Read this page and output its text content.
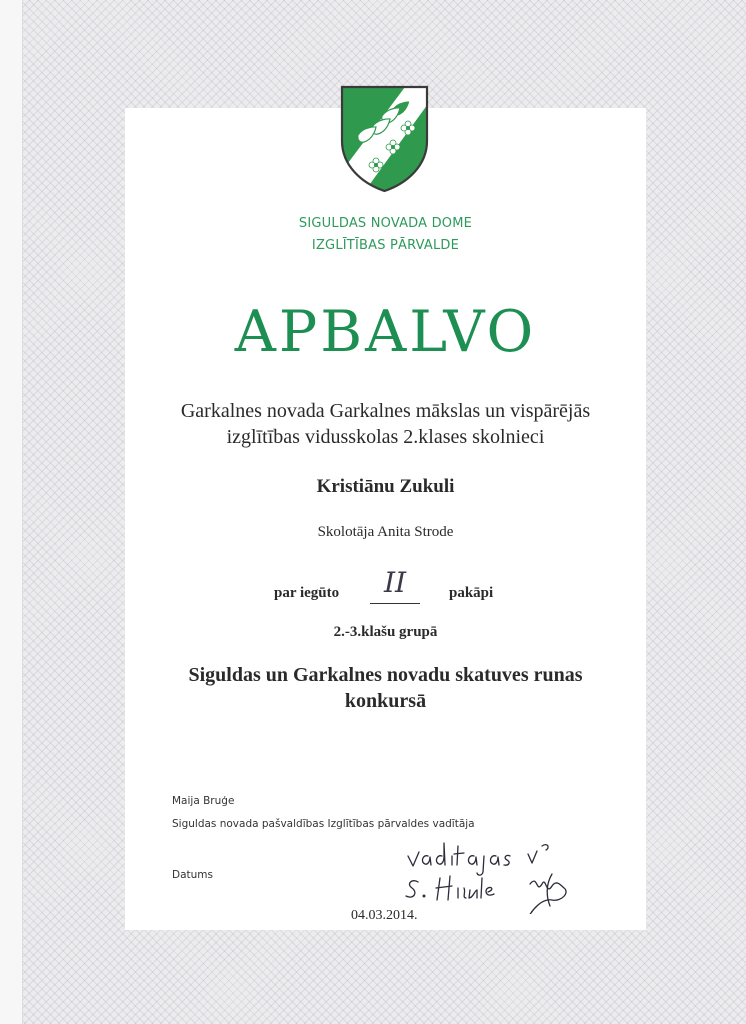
SIGULDAS NOVADA DOME
IZGLĪTĪBAS PĀRVALDE
APBALVO
Garkalnes novada Garkalnes mākslas un vispārējās
izglītības vidusskolas 2.klases skolnieci
Kristiānu Zukuli
Skolotāja Anita Strode
par iegūto	II	pakāpi
2.-3.klašu grupā
Siguldas un Garkalnes novadu skatuves runas
konkursā
Maija Bruģe
Siguldas novada pašvaldības Izglītības pārvaldes vadītāja
Datums
04.03.2014.
